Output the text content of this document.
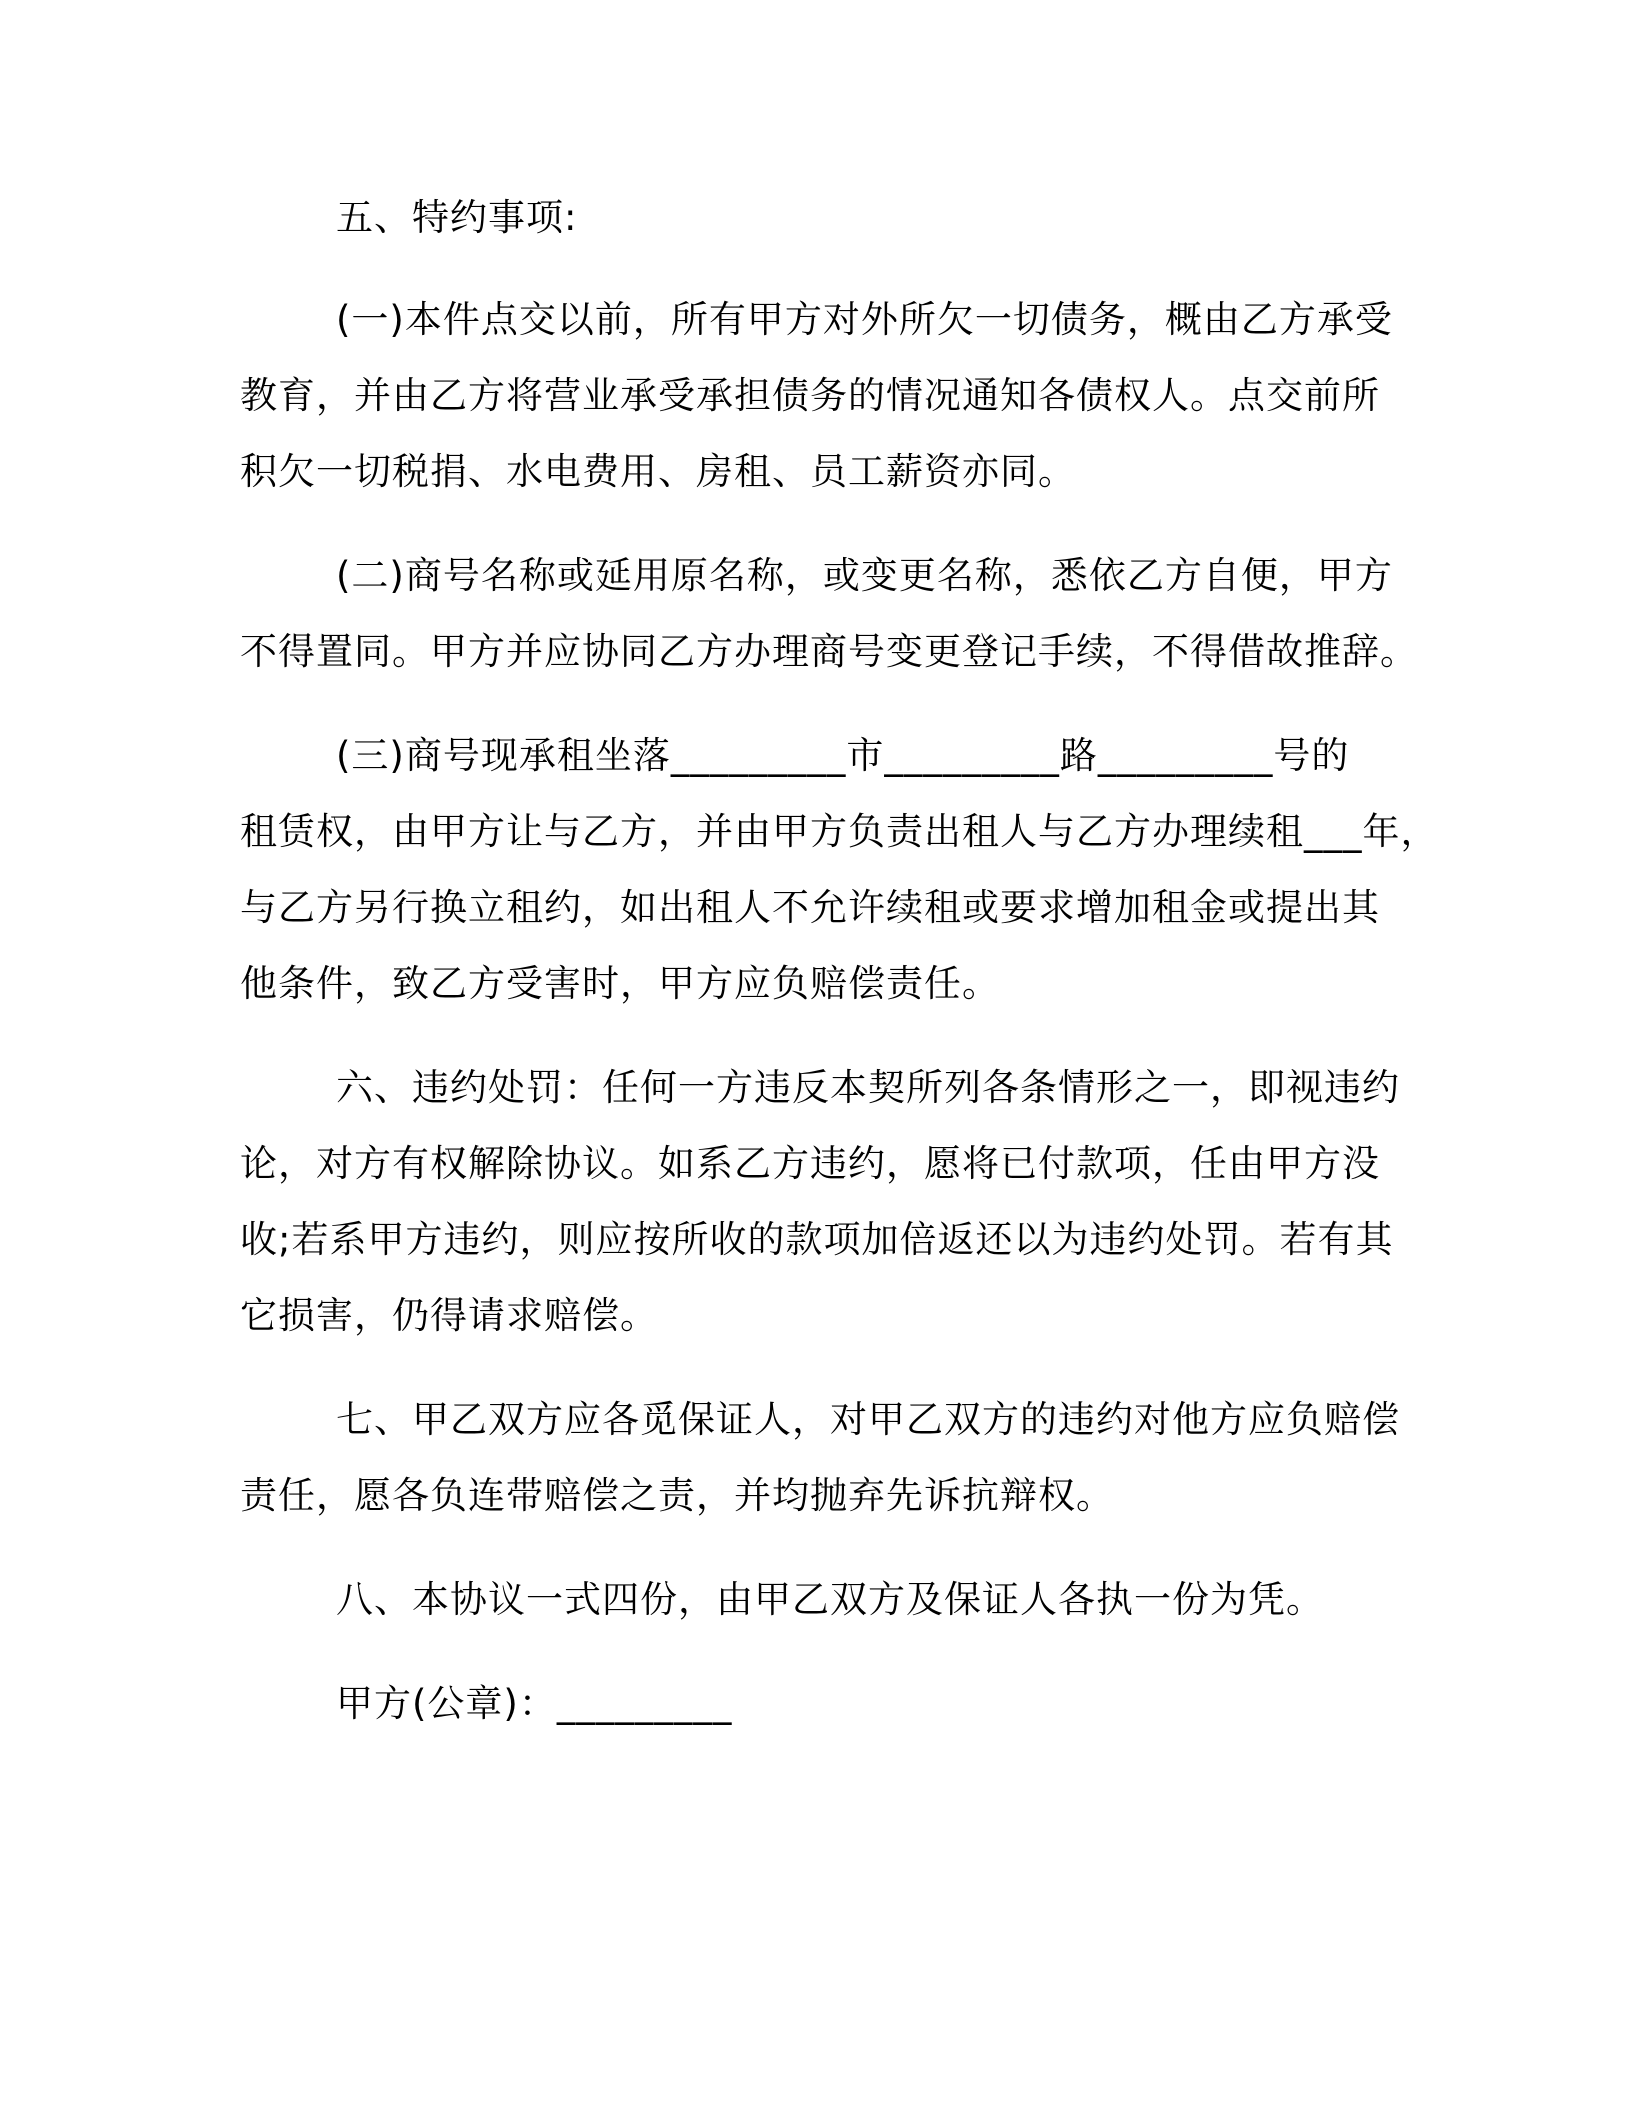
五、特约事项:
(一)本件点交以前，所有甲方对外所欠一切债务，概由乙方承受
教育，并由乙方将营业承受承担债务的情况通知各债权人。点交前所
积欠一切税捐、水电费用、房租、员工薪资亦同。
(二)商号名称或延用原名称，或变更名称，悉依乙方自便，甲方
不得置同。甲方并应协同乙方办理商号变更登记手续，不得借故推辞。
(三)商号现承租坐落_________市_________路_________号的
租赁权，由甲方让与乙方，并由甲方负责出租人与乙方办理续租___年，
与乙方另行换立租约，如出租人不允许续租或要求增加租金或提出其
他条件，致乙方受害时，甲方应负赔偿责任。
六、违约处罚：任何一方违反本契所列各条情形之一，即视违约
论，对方有权解除协议。如系乙方违约，愿将已付款项，任由甲方没
收;若系甲方违约，则应按所收的款项加倍返还以为违约处罚。若有其
它损害，仍得请求赔偿。
七、甲乙双方应各觅保证人，对甲乙双方的违约对他方应负赔偿
责任，愿各负连带赔偿之责，并均抛弃先诉抗辩权。
八、本协议一式四份，由甲乙双方及保证人各执一份为凭。
甲方(公章)：_________
